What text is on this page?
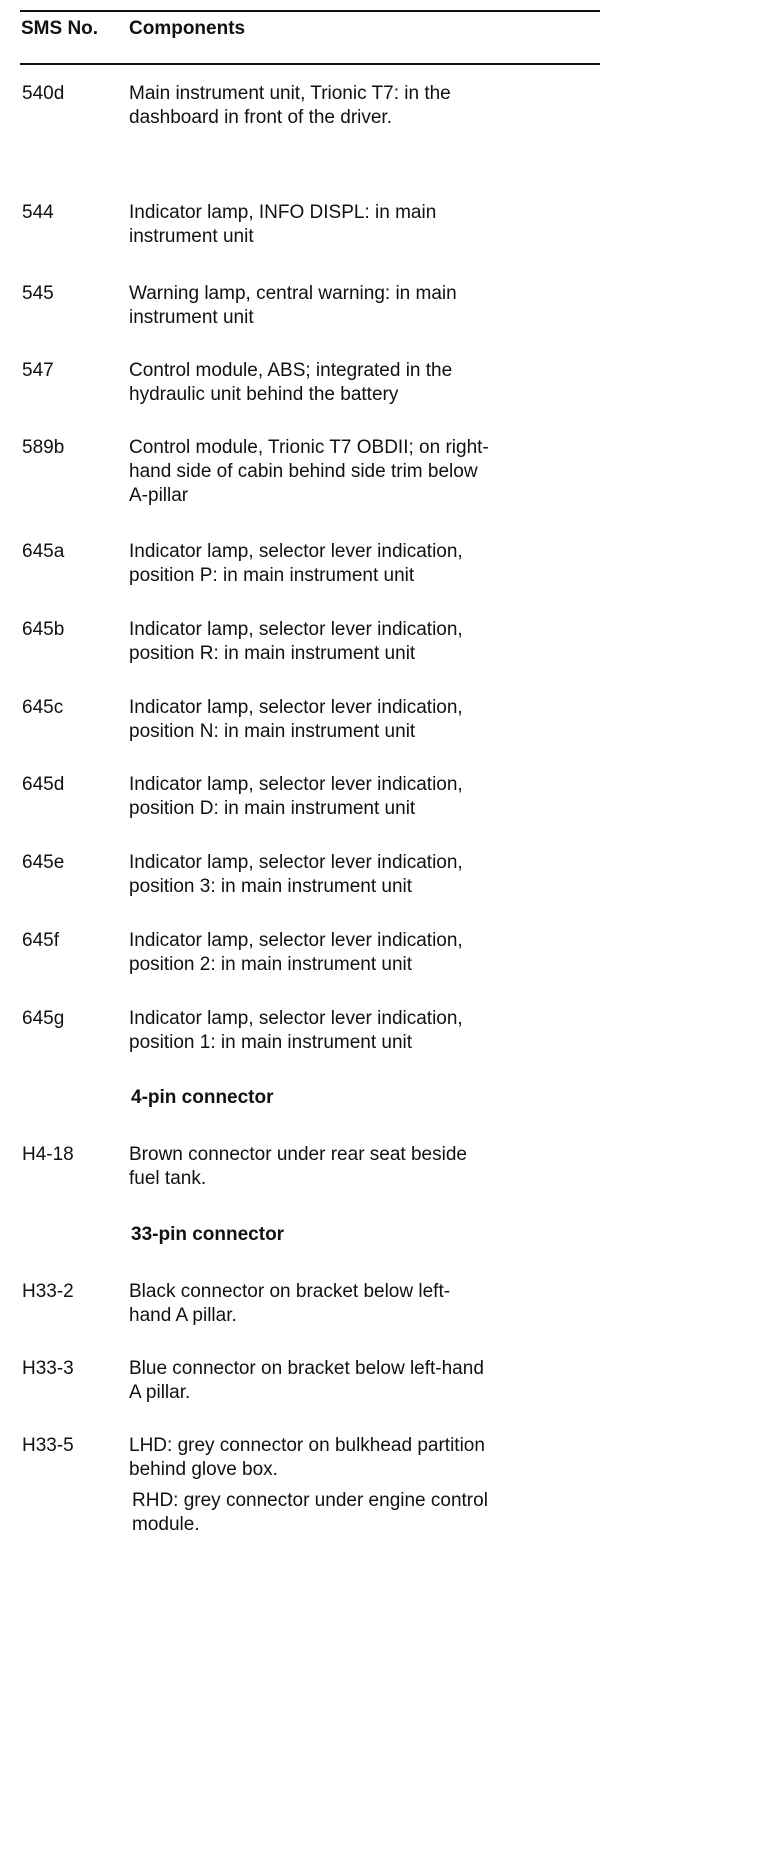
SMS No. Components
540d	Main instrument unit, Trionic T7: in the
dashboard in front of the driver.
544	Indicator lamp, INFO DISPL: in main
instrument unit
545	Warning lamp, central warning: in main
instrument unit
547	Control module, ABS; integrated in the
hydraulic unit behind the battery
589b	Control module, Trionic T7 OBDII; on right-
hand side of cabin behind side trim below
A-pillar
645a	Indicator lamp, selector lever indication,
position P: in main instrument unit
645b	Indicator lamp, selector lever indication,
position R: in main instrument unit
645c	Indicator lamp, selector lever indication,
position N: in main instrument unit
645d	Indicator lamp, selector lever indication,
position D: in main instrument unit
645e	Indicator lamp, selector lever indication,
position 3: in main instrument unit
645f	Indicator lamp, selector lever indication,
position 2: in main instrument unit
645g	Indicator lamp, selector lever indication,
position 1: in main instrument unit
4-pin connector
H4-18	Brown connector under rear seat beside
fuel tank.
33-pin connector
H33-2	Black connector on bracket below left-
hand A pillar.
H33-3	Blue connector on bracket below left-hand
A pillar.
H33-5	LHD: grey connector on bulkhead partition
behind glove box.
RHD: grey connector under engine control
module.
